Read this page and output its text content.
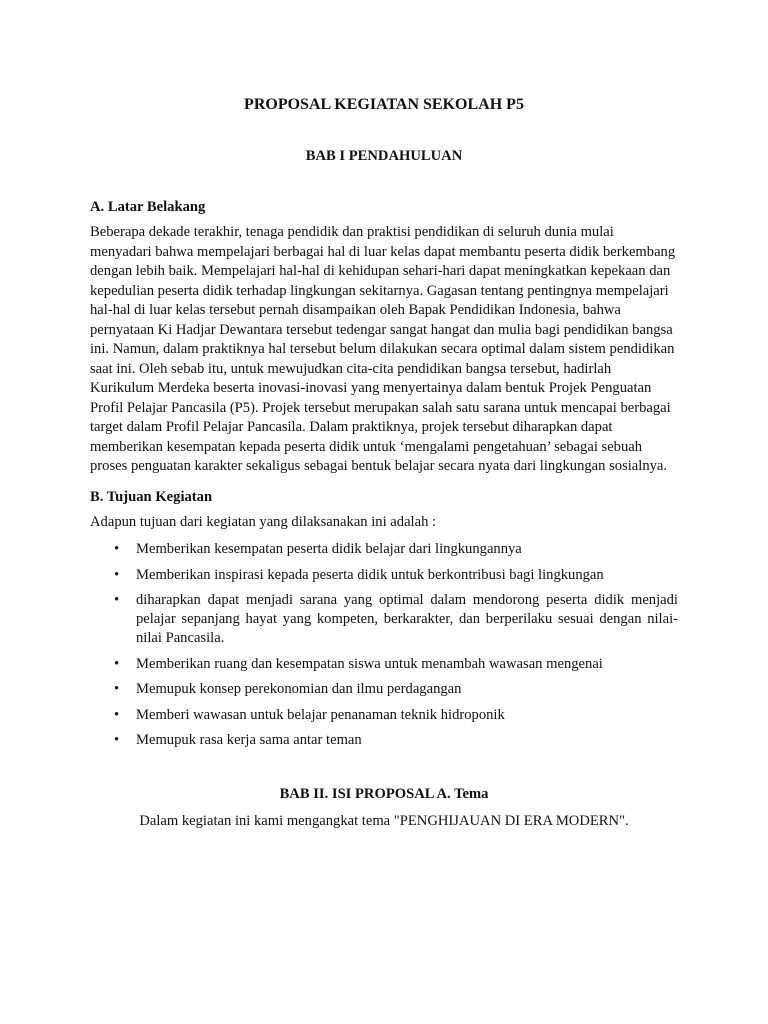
PROPOSAL KEGIATAN SEKOLAH P5
BAB I PENDAHULUAN
A. Latar Belakang

Beberapa dekade terakhir, tenaga pendidik dan praktisi pendidikan di seluruh dunia mulai menyadari bahwa mempelajari berbagai hal di luar kelas dapat membantu peserta didik berkembang dengan lebih baik. Mempelajari hal-hal di kehidupan sehari-hari dapat meningkatkan kepekaan dan kepedulian peserta didik terhadap lingkungan sekitarnya. Gagasan tentang pentingnya mempelajari hal-hal di luar kelas tersebut pernah disampaikan oleh Bapak Pendidikan Indonesia, bahwa pernyataan Ki Hadjar Dewantara tersebut tedengar sangat hangat dan mulia bagi pendidikan bangsa ini. Namun, dalam praktiknya hal tersebut belum dilakukan secara optimal dalam sistem pendidikan saat ini. Oleh sebab itu, untuk mewujudkan cita-cita pendidikan bangsa tersebut, hadirlah Kurikulum Merdeka beserta inovasi-inovasi yang menyertainya dalam bentuk Projek Penguatan Profil Pelajar Pancasila (P5). Projek tersebut merupakan salah satu sarana untuk mencapai berbagai target dalam Profil Pelajar Pancasila. Dalam praktiknya, projek tersebut diharapkan dapat memberikan kesempatan kepada peserta didik untuk ‘mengalami pengetahuan’ sebagai sebuah proses penguatan karakter sekaligus sebagai bentuk belajar secara nyata dari lingkungan sosialnya.

B. Tujuan Kegiatan

Adapun tujuan dari kegiatan yang dilaksanakan ini adalah :

• Memberikan kesempatan peserta didik belajar dari lingkungannya
• Memberikan inspirasi kepada peserta didik untuk berkontribusi bagi lingkungan
• diharapkan dapat menjadi sarana yang optimal dalam mendorong peserta didik menjadi pelajar sepanjang hayat yang kompeten, berkarakter, dan berperilaku sesuai dengan nilai-nilai Pancasila.
• Memberikan ruang dan kesempatan siswa untuk menambah wawasan mengenai
• Memupuk konsep perekonomian dan ilmu perdagangan
• Memberi wawasan untuk belajar penanaman teknik hidroponik
• Memupuk rasa kerja sama antar teman
BAB II. ISI PROPOSAL A. Tema

Dalam kegiatan ini kami mengangkat tema "PENGHIJAUAN DI ERA MODERN".
